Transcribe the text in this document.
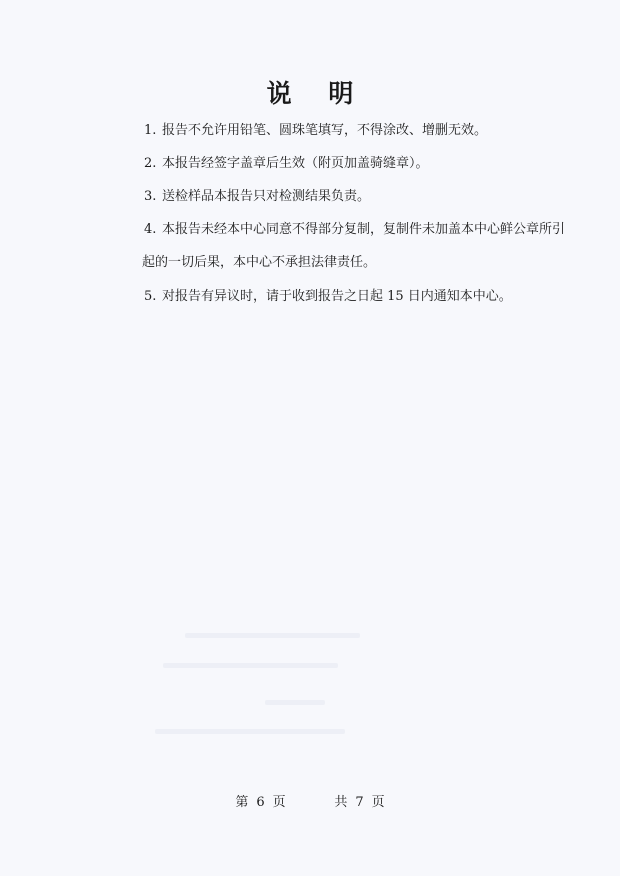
说 明
1. 报告不允许用铅笔、圆珠笔填写，不得涂改、增删无效。
2. 本报告经签字盖章后生效（附页加盖骑缝章）。
3. 送检样品本报告只对检测结果负责。
4. 本报告未经本中心同意不得部分复制，复制件未加盖本中心鲜公章所引
起的一切后果，本中心不承担法律责任。
5. 对报告有异议时，请于收到报告之日起 15 日内通知本中心。
第 6 页	共 7 页
